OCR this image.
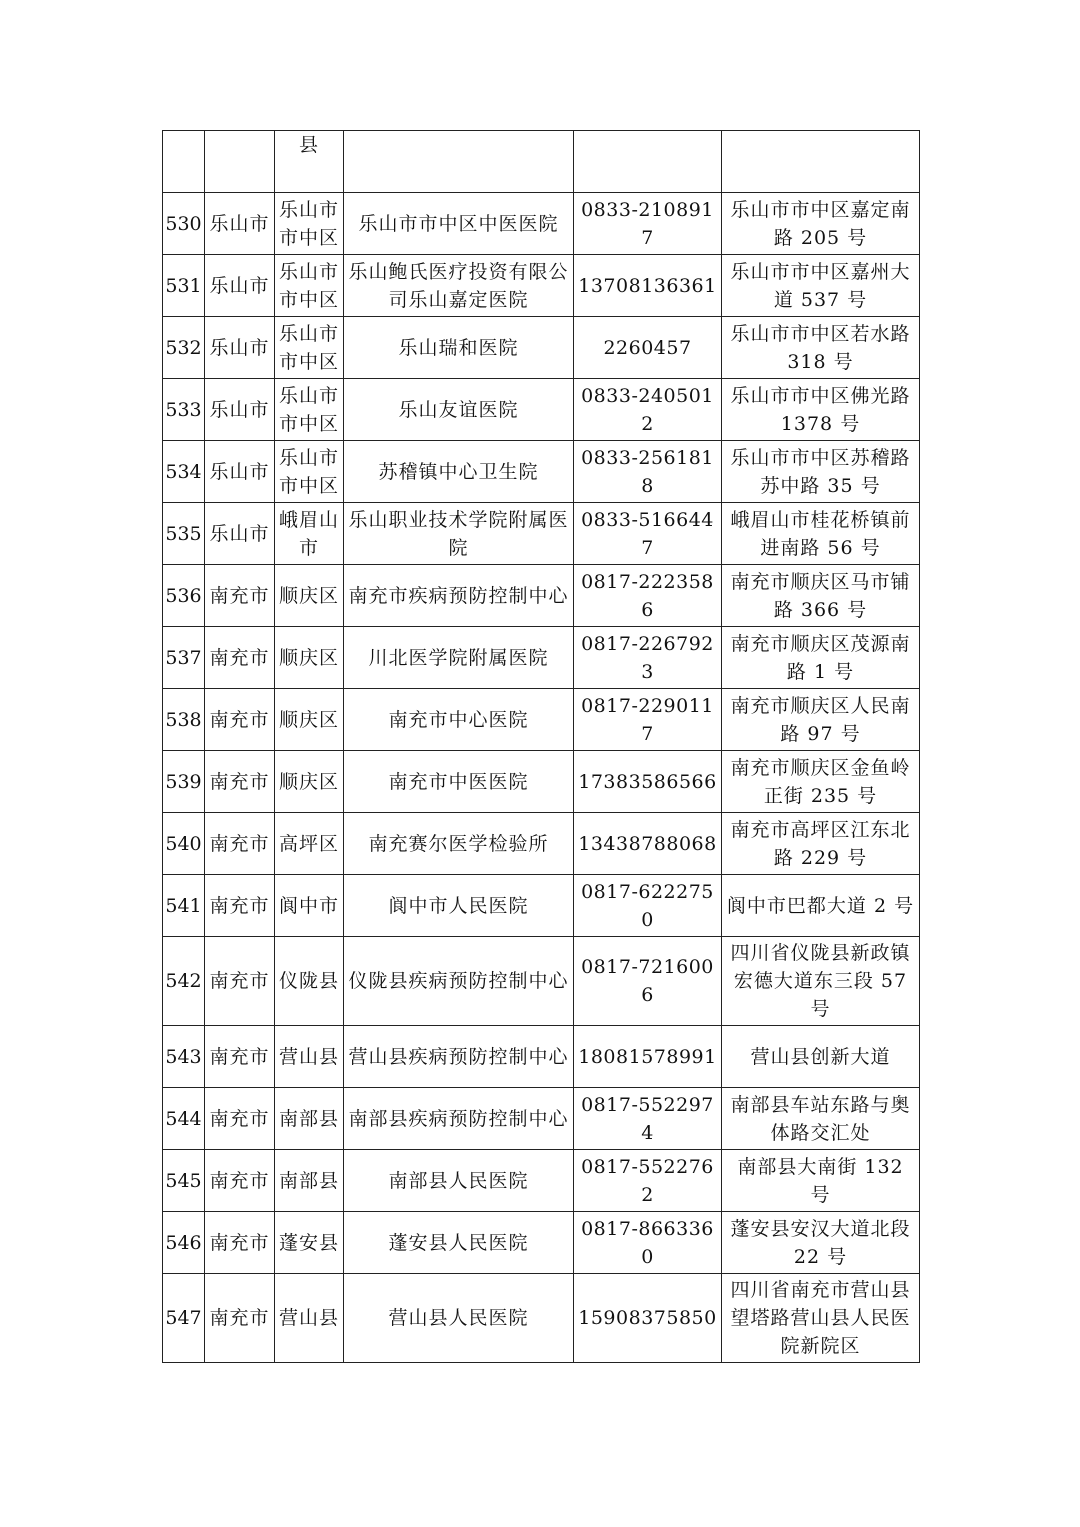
		县			
530	乐山市	乐山市市中区	乐山市市中区中医医院	0833-2108917	乐山市市中区嘉定南路 205 号
531	乐山市	乐山市市中区	乐山鲍氏医疗投资有限公司乐山嘉定医院	13708136361	乐山市市中区嘉州大道 537 号
532	乐山市	乐山市市中区	乐山瑞和医院	2260457	乐山市市中区若水路 318 号
533	乐山市	乐山市市中区	乐山友谊医院	0833-2405012	乐山市市中区佛光路 1378 号
534	乐山市	乐山市市中区	苏稽镇中心卫生院	0833-2561818	乐山市市中区苏稽路苏中路 35 号
535	乐山市	峨眉山市	乐山职业技术学院附属医院	0833-5166447	峨眉山市桂花桥镇前进南路 56 号
536	南充市	顺庆区	南充市疾病预防控制中心	0817-2223586	南充市顺庆区马市铺路 366 号
537	南充市	顺庆区	川北医学院附属医院	0817-2267923	南充市顺庆区茂源南路 1 号
538	南充市	顺庆区	南充市中心医院	0817-2290117	南充市顺庆区人民南路 97 号
539	南充市	顺庆区	南充市中医医院	17383586566	南充市顺庆区金鱼岭正街 235 号
540	南充市	高坪区	南充赛尔医学检验所	13438788068	南充市高坪区江东北路 229 号
541	南充市	阆中市	阆中市人民医院	0817-6222750	阆中市巴都大道 2 号
542	南充市	仪陇县	仪陇县疾病预防控制中心	0817-7216006	四川省仪陇县新政镇宏德大道东三段 57 号
543	南充市	营山县	营山县疾病预防控制中心	18081578991	营山县创新大道
544	南充市	南部县	南部县疾病预防控制中心	0817-5522974	南部县车站东路与奥体路交汇处
545	南充市	南部县	南部县人民医院	0817-5522762	南部县大南街 132 号
546	南充市	蓬安县	蓬安县人民医院	0817-8663360	蓬安县安汉大道北段 22 号
547	南充市	营山县	营山县人民医院	15908375850	四川省南充市营山县望塔路营山县人民医院新院区
